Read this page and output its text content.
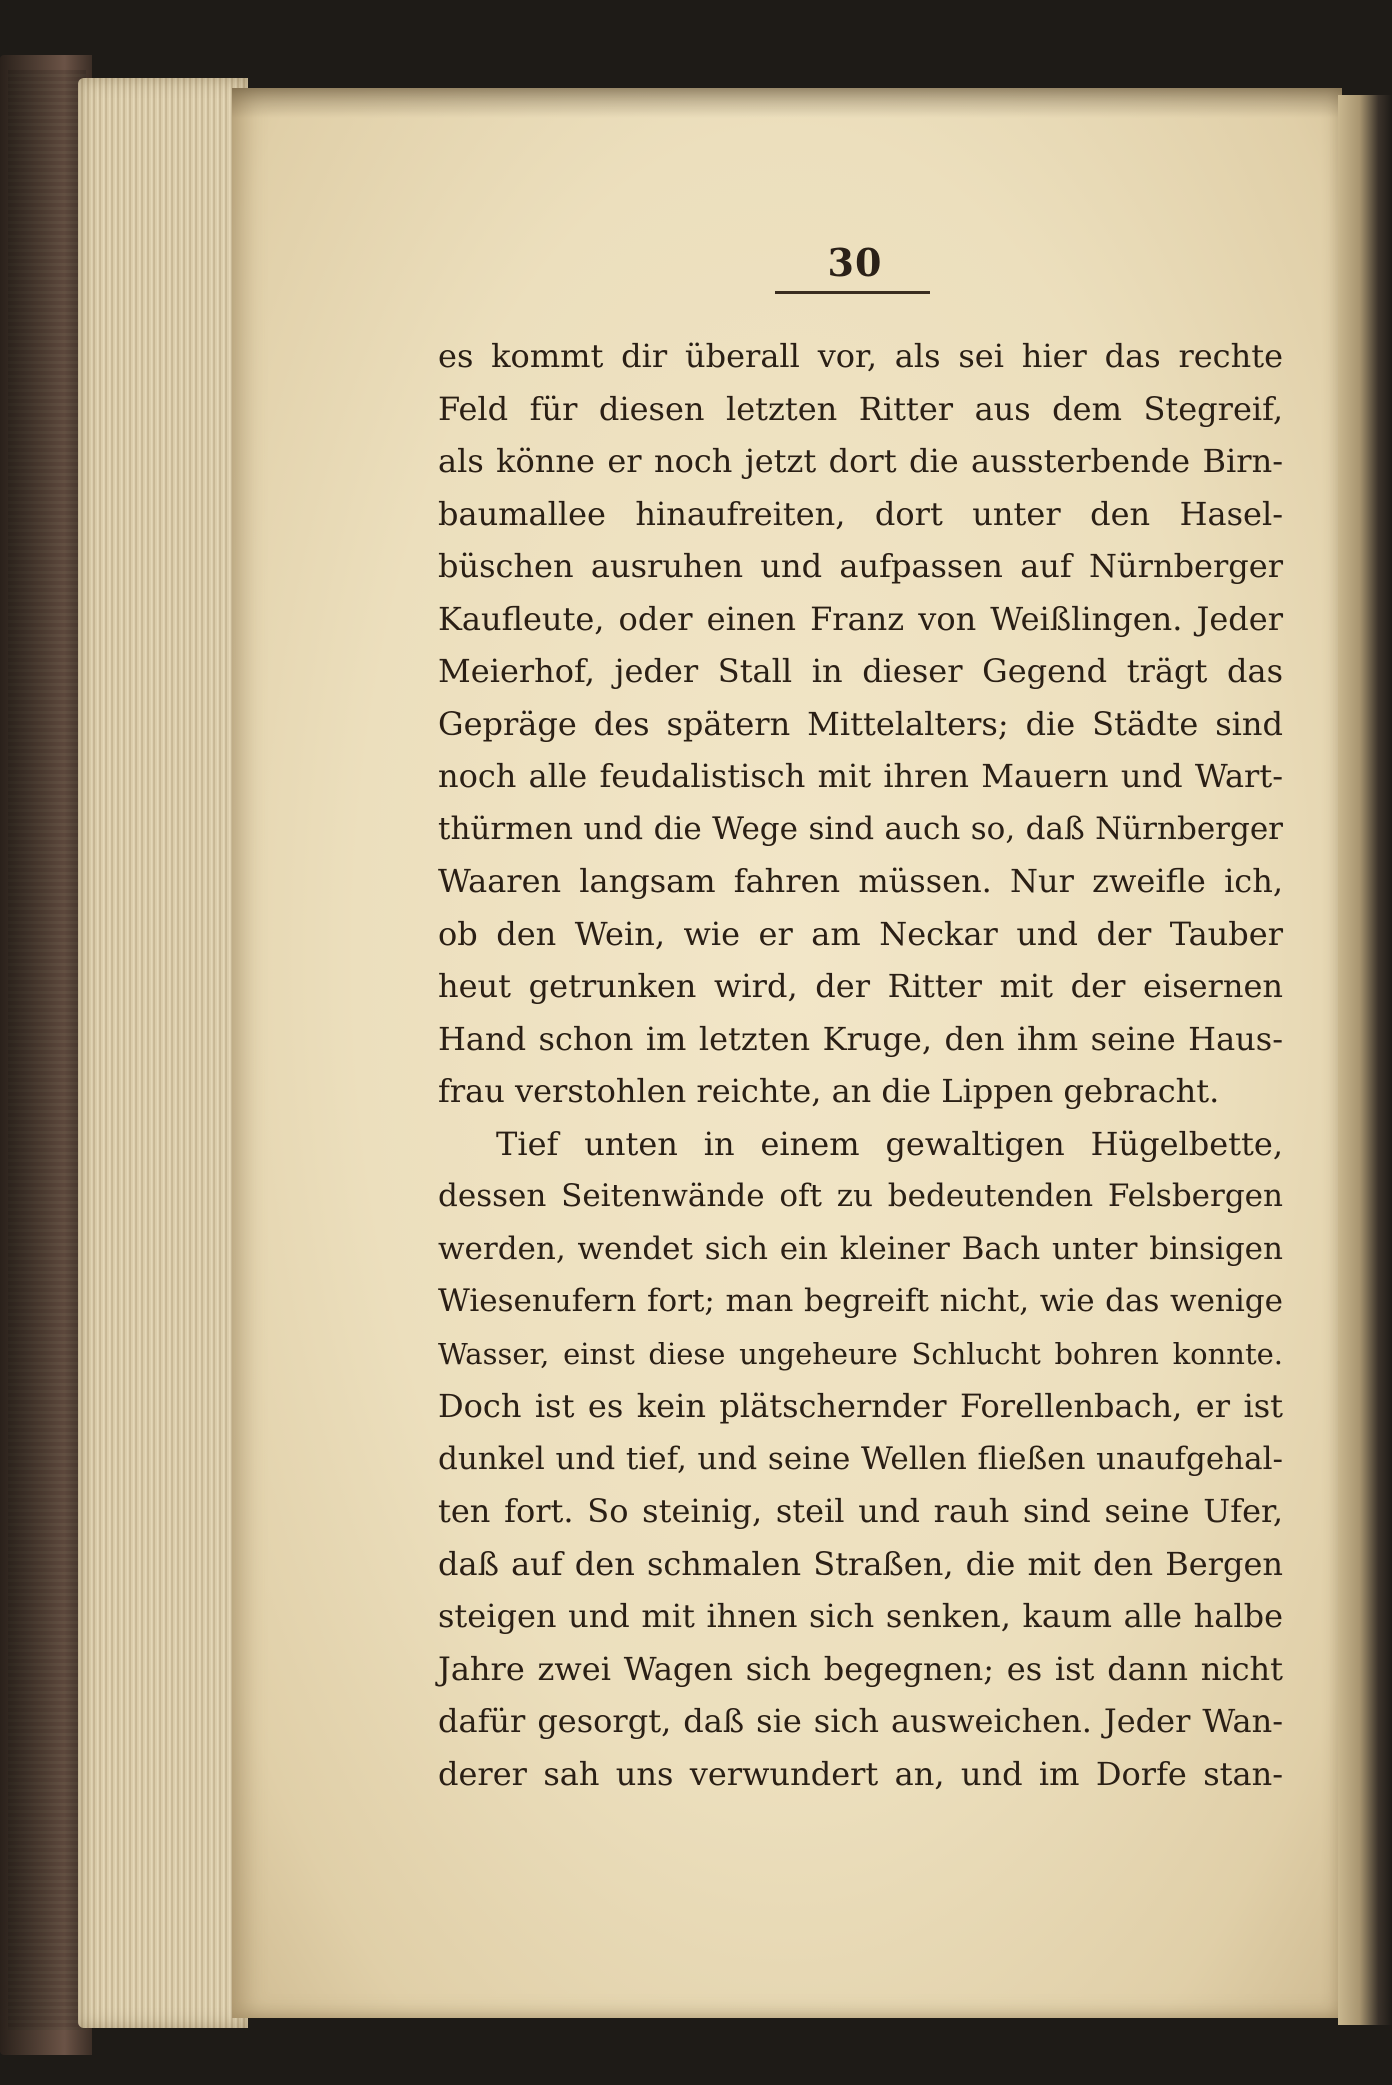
30
es kommt dir überall vor, als sei hier das rechte
Feld für diesen letzten Ritter aus dem Stegreif,
als könne er noch jetzt dort die aussterbende Birn-
baumallee hinaufreiten, dort unter den Hasel-
büschen ausruhen und aufpassen auf Nürnberger
Kaufleute, oder einen Franz von Weißlingen. Jeder
Meierhof, jeder Stall in dieser Gegend trägt das
Gepräge des spätern Mittelalters; die Städte sind
noch alle feudalistisch mit ihren Mauern und Wart-
thürmen und die Wege sind auch so, daß Nürnberger
Waaren langsam fahren müssen. Nur zweifle ich,
ob den Wein, wie er am Neckar und der Tauber
heut getrunken wird, der Ritter mit der eisernen
Hand schon im letzten Kruge, den ihm seine Haus-
frau verstohlen reichte, an die Lippen gebracht.
Tief unten in einem gewaltigen Hügelbette,
dessen Seitenwände oft zu bedeutenden Felsbergen
werden, wendet sich ein kleiner Bach unter binsigen
Wiesenufern fort; man begreift nicht, wie das wenige
Wasser, einst diese ungeheure Schlucht bohren konnte.
Doch ist es kein plätschernder Forellenbach, er ist
dunkel und tief, und seine Wellen fließen unaufgehal-
ten fort. So steinig, steil und rauh sind seine Ufer,
daß auf den schmalen Straßen, die mit den Bergen
steigen und mit ihnen sich senken, kaum alle halbe
Jahre zwei Wagen sich begegnen; es ist dann nicht
dafür gesorgt, daß sie sich ausweichen. Jeder Wan-
derer sah uns verwundert an, und im Dorfe stan-
